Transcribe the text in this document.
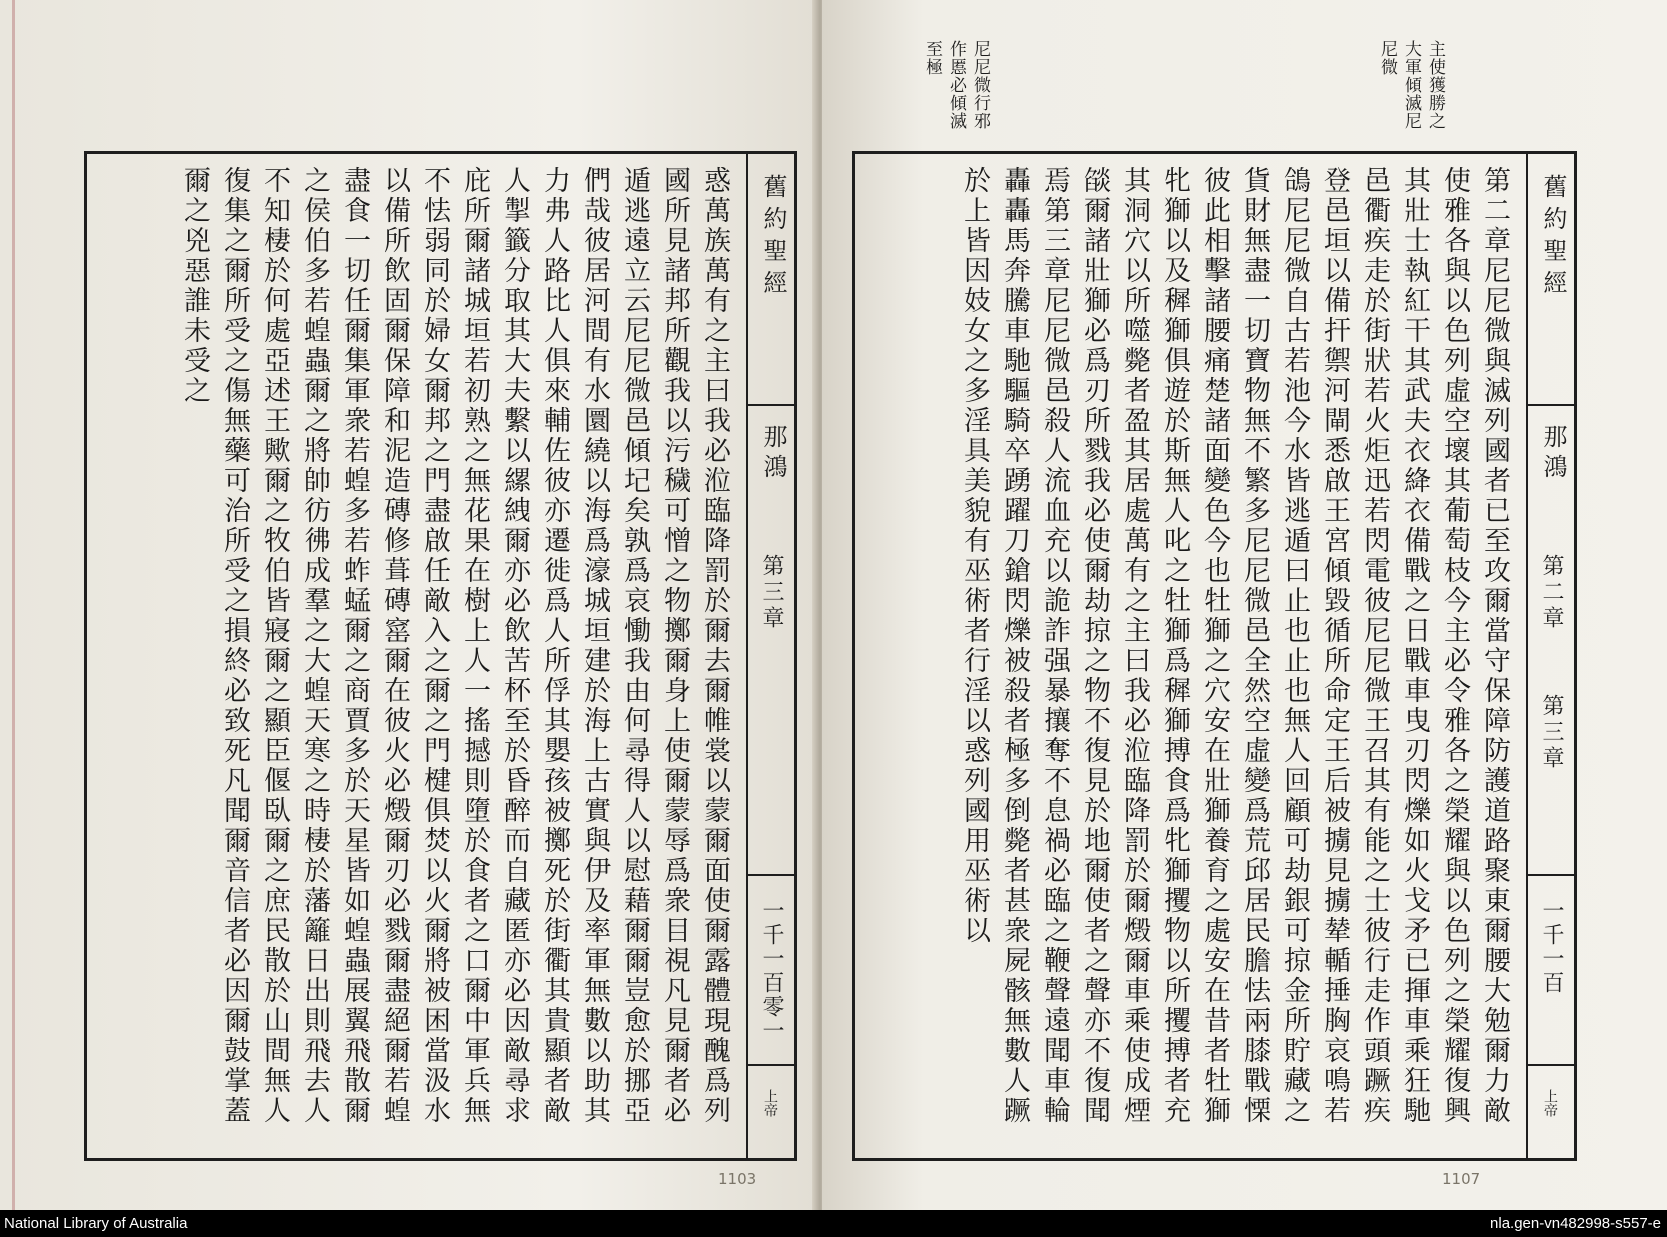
舊約聖經
那鴻
第三章
一千一百零一
上帝
惑萬族萬有之主曰我必涖臨降罰於爾去爾帷裳以蒙爾面使爾露體現醜爲列國所見諸邦所觀我以污穢可憎之物擲爾身上使爾蒙辱爲衆目視凡見爾者必遁逃遠立云尼尼微邑傾圮矣孰爲哀慟我由何尋得人以慰藉爾爾豈愈於挪亞們哉彼居河間有水圜繞以海爲濠城垣建於海上古實與伊及率軍無數以助其力弗人路比人俱來輔佐彼亦遷徙爲人所俘其嬰孩被擲死於街衢其貴顯者敵人掣籤分取其大夫繫以縲絏爾亦必飲苦杯至於昏醉而自藏匿亦必因敵尋求庇所爾諸城垣若初熟之無花果在樹上人一搖撼則墮於食者之口爾中軍兵無不怯弱同於婦女爾邦之門盡啟任敵入之爾之門楗俱焚以火爾將被困當汲水以備所飲固爾保障和泥造磚修葺磚窰爾在彼火必燬爾刃必戮爾盡絕爾若蝗盡食一切任爾集軍衆若蝗多若蚱蜢爾之商賈多於天星皆如蝗蟲展翼飛散爾之侯伯多若蝗蟲爾之將帥彷彿成羣之大蝗天寒之時棲於藩籬日出則飛去人不知棲於何處亞述王歟爾之牧伯皆寢爾之顯臣偃臥爾之庶民散於山間無人復集之爾所受之傷無藥可治所受之損終必致死凡聞爾音信者必因爾鼓掌蓋爾之兇惡誰未受之
1103
主使獲勝之大軍傾滅尼尼微
尼尼微行邪作慝必傾滅至極
舊約聖經
那鴻
第二章
第三章
一千一百
上帝
第二章尼尼微與滅列國者已至攻爾當守保障防護道路聚東爾腰大勉爾力敵使雅各與以色列虛空壞其葡萄枝今主必令雅各之榮耀與以色列之榮耀復興其壯士執紅干其武夫衣絳衣備戰之日戰車曳刃閃爍如火戈矛已揮車乘狂馳邑衢疾走於街狀若火炬迅若閃電彼尼尼微王召其有能之士彼行走作頭蹶疾登邑垣以備扞禦河閘悉啟王宮傾毀循所命定王后被擄見擄辇輴捶胸哀鳴若鴿尼尼微自古若池今水皆逃遁曰止也止也無人回顧可劫銀可掠金所貯藏之貨財無盡一切寶物無不繁多尼尼微邑全然空虛變爲荒邱居民膽怯兩膝戰慄彼此相擊諸腰痛楚諸面變色今也牡獅之穴安在壯獅養育之處安在昔者牡獅牝獅以及穉獅俱遊於斯無人叱之牡獅爲穉獅搏食爲牝獅攫物以所攫搏者充其洞穴以所噬斃者盈其居處萬有之主曰我必涖臨降罰於爾燬爾車乘使成煙燄爾諸壯獅必爲刃所戮我必使爾劫掠之物不復見於地爾使者之聲亦不復聞焉第三章尼尼微邑殺人流血充以詭詐强暴攘奪不息禍必臨之鞭聲遠聞車輪轟轟馬奔騰車馳驅騎卒踴躍刀鎗閃爍被殺者極多倒斃者甚衆屍骸無數人蹶於上皆因妓女之多淫具美貌有巫術者行淫以惑列國用巫術以
1107
National Library of Australia	nla.gen-vn482998-s557-e
